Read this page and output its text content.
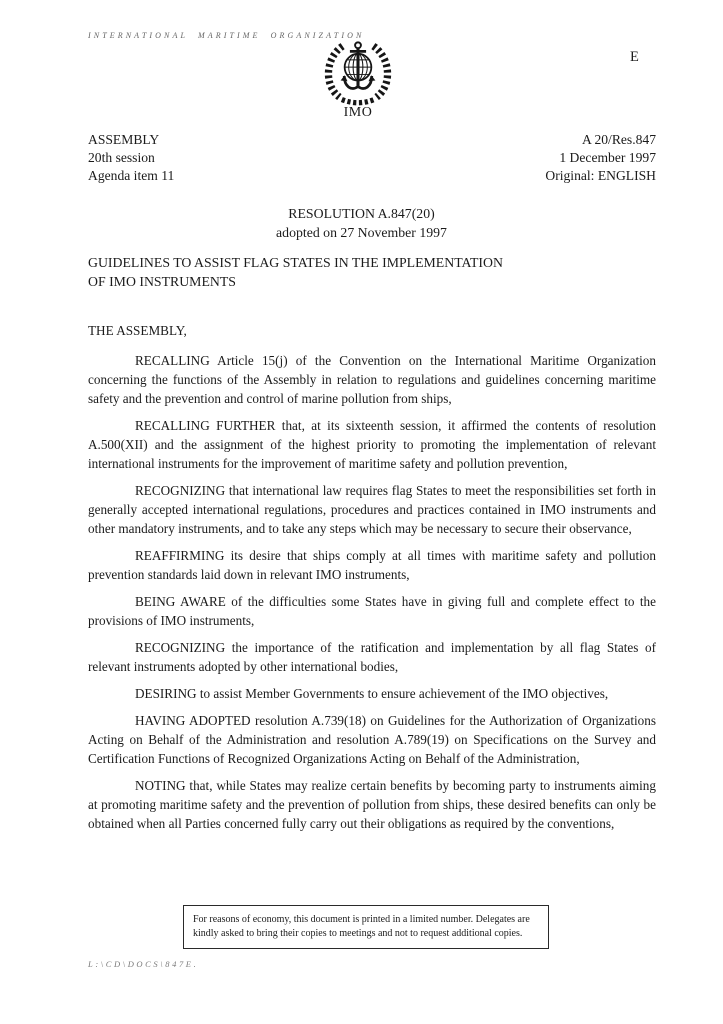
INTERNATIONAL MARITIME ORGANIZATION
E
IMO
ASSEMBLY
20th session
Agenda item 11
A 20/Res.847
1 December 1997
Original: ENGLISH
RESOLUTION A.847(20)
adopted on 27 November 1997
GUIDELINES TO ASSIST FLAG STATES IN THE IMPLEMENTATION
OF IMO INSTRUMENTS

THE ASSEMBLY,

RECALLING Article 15(j) of the Convention on the International Maritime Organization concerning the functions of the Assembly in relation to regulations and guidelines concerning maritime safety and the prevention and control of marine pollution from ships,

RECALLING FURTHER that, at its sixteenth session, it affirmed the contents of resolution A.500(XII) and the assignment of the highest priority to promoting the implementation of relevant international instruments for the improvement of maritime safety and pollution prevention,

RECOGNIZING that international law requires flag States to meet the responsibilities set forth in generally accepted international regulations, procedures and practices contained in IMO instruments and other mandatory instruments, and to take any steps which may be necessary to secure their observance,

REAFFIRMING its desire that ships comply at all times with maritime safety and pollution prevention standards laid down in relevant IMO instruments,

BEING AWARE of the difficulties some States have in giving full and complete effect to the provisions of IMO instruments,

RECOGNIZING the importance of the ratification and implementation by all flag States of relevant instruments adopted by other international bodies,

DESIRING to assist Member Governments to ensure achievement of the IMO objectives,

HAVING ADOPTED resolution A.739(18) on Guidelines for the Authorization of Organizations Acting on Behalf of the Administration and resolution A.789(19) on Specifications on the Survey and Certification Functions of Recognized Organizations Acting on Behalf of the Administration,

NOTING that, while States may realize certain benefits by becoming party to instruments aiming at promoting maritime safety and the prevention of pollution from ships, these desired benefits can only be obtained when all Parties concerned fully carry out their obligations as required by the conventions,

For reasons of economy, this document is printed in a limited number. Delegates are
kindly asked to bring their copies to meetings and not to request additional copies.
L:\CD\DOCS\847E.
